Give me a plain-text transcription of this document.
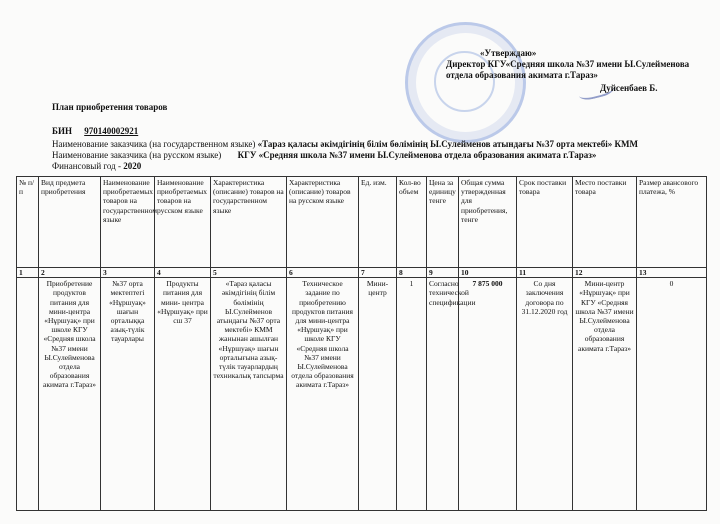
«Утверждаю»
Директор КГУ«Средняя школа №37 имени Ы.Сулейменова
отдела образования акимата г.Тараз»
Дуйсенбаев Б.
План приобретения товаров
БИН 970140002921
Наименование заказчика (на государственном языке) «Тараз қаласы әкімдігінің білім бөлімінің Ы.Сулейменов атындағы №37 орта мектебі» КММ
Наименование заказчика (на русском языке) КГУ «Средняя школа №37 имени Ы.Сулейменова отдела образования акимата г.Тараз»
Финансовый год - 2020
№ п/п	Вид предмета приобретения	Наименование приобретаемых товаров на государственном языке	Наименование приобретаемых товаров на русском языке	Характеристика (описание) товаров на государственном языке	Характеристика (описание) товаров на русском языке	Ед. изм.	Кол-во объем	Цена за единицу тенге	Общая сумма утвержденная для приобретения, тенге	Срок поставки товара	Место поставки товара	Размер авансового платежа, %
1	2	3	4	5	6	7	8	9	10	11	12	13
	Приобретение продуктов питания для мини-центра «Нұршуақ» при школе КГУ «Средняя школа №37 имени Ы.Сулейменова отдела образования акимата г.Тараз»	№37 орта мектептегі «Нұршуақ» шағын орталыққа азық-түлік тауарлары	Продукты питания для мини- центра «Нұршуақ» при сш 37	«Тараз қаласы әкімдігінің білім бөлімінің Ы.Сулейменов атындағы №37 орта мектебі» КММ жанынан ашылған «Нұршуақ» шағын орталығына азық-түлік тауарлардың техникалық тапсырма	Техническое задание по приобретению продуктов питания для мини-центра «Нұршуақ» при школе КГУ «Средняя школа №37 имени Ы.Сулейменова отдела образования акимата г.Тараз»	Мини-центр	1	Согласно технической спецификации	7 875 000	Со дня заключения договора по 31.12.2020 год	Мини-центр «Нұршуақ» при КГУ «Средняя школа №37 имени Ы.Сулейменова отдела образования акимата г.Тараз»	0
